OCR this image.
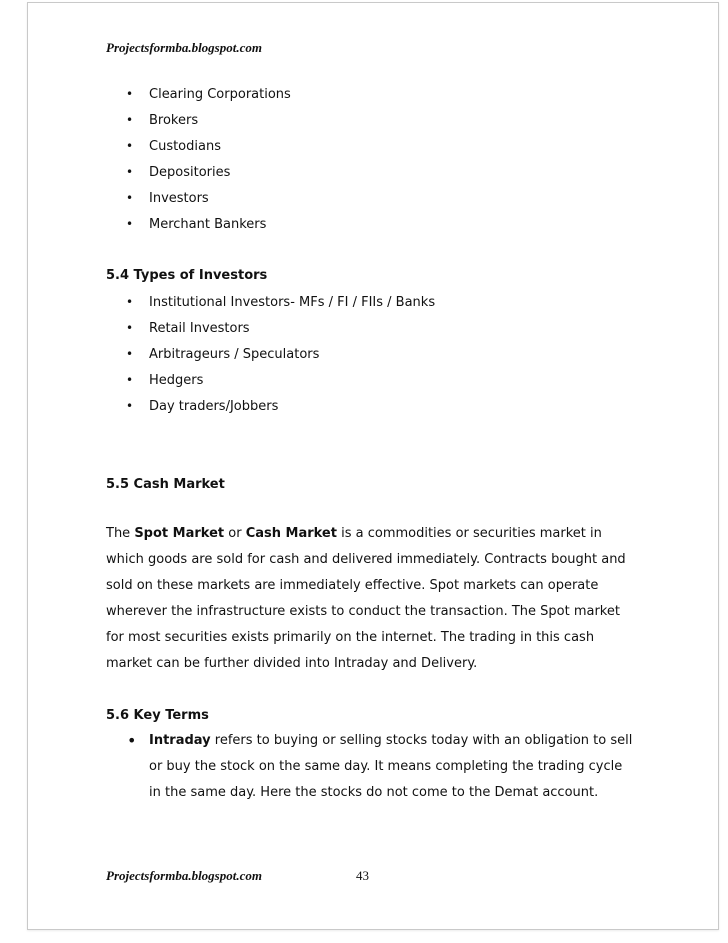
Projectsformba.blogspot.com
• Clearing Corporations
• Brokers
• Custodians
• Depositories
• Investors
• Merchant Bankers
5.4 Types of Investors
• Institutional Investors- MFs / FI / FIIs / Banks
• Retail Investors
• Arbitrageurs / Speculators
• Hedgers
• Day traders/Jobbers
5.5 Cash Market
The Spot Market or Cash Market is a commodities or securities market in
which goods are sold for cash and delivered immediately. Contracts bought and
sold on these markets are immediately effective. Spot markets can operate
wherever the infrastructure exists to conduct the transaction. The Spot market
for most securities exists primarily on the internet. The trading in this cash
market can be further divided into Intraday and Delivery.
5.6 Key Terms
• Intraday refers to buying or selling stocks today with an obligation to sell
or buy the stock on the same day. It means completing the trading cycle
in the same day. Here the stocks do not come to the Demat account.
Projectsformba.blogspot.com	43
